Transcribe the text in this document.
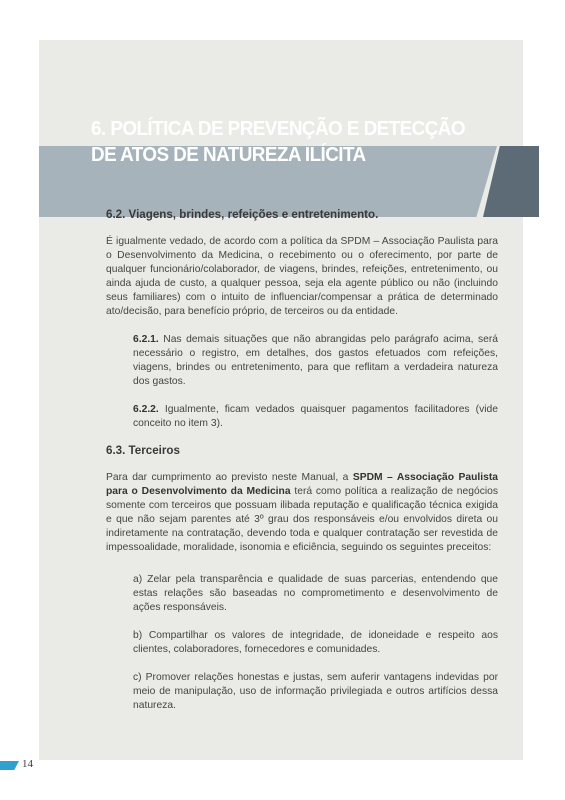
6. POLÍTICA DE PREVENÇÃO E DETECÇÃO
DE ATOS DE NATUREZA ILÍCITA
6.2. Viagens, brindes, refeições e entretenimento.

É igualmente vedado, de acordo com a política da SPDM – Associação Paulista para o Desenvolvimento da Medicina, o recebimento ou o oferecimento, por parte de qualquer funcionário/colaborador, de viagens, brindes, refeições, entretenimento, ou ainda ajuda de custo, a qualquer pessoa, seja ela agente público ou não (incluindo seus familiares) com o intuito de influenciar/compensar a prática de determinado ato/decisão, para benefício próprio, de terceiros ou da entidade.

6.2.1. Nas demais situações que não abrangidas pelo parágrafo acima, será necessário o registro, em detalhes, dos gastos efetuados com refeições, viagens, brindes ou entretenimento, para que reflitam a verdadeira natureza dos gastos.

6.2.2. Igualmente, ficam vedados quaisquer pagamentos facilitadores (vide conceito no item 3).

6.3. Terceiros

Para dar cumprimento ao previsto neste Manual, a SPDM – Associação Paulista para o Desenvolvimento da Medicina terá como política a realização de negócios somente com terceiros que possuam ilibada reputação e qualificação técnica exigida e que não sejam parentes até 3º grau dos responsáveis e/ou envolvidos direta ou indiretamente na contratação, devendo toda e qualquer contratação ser revestida de impessoalidade, moralidade, isonomia e eficiência, seguindo os seguintes preceitos:

a) Zelar pela transparência e qualidade de suas parcerias, entendendo que estas relações são baseadas no comprometimento e desenvolvimento de ações responsáveis.

b) Compartilhar os valores de integridade, de idoneidade e respeito aos clientes, colaboradores, fornecedores e comunidades.

c) Promover relações honestas e justas, sem auferir vantagens indevidas por meio de manipulação, uso de informação privilegiada e outros artifícios dessa natureza.

14
